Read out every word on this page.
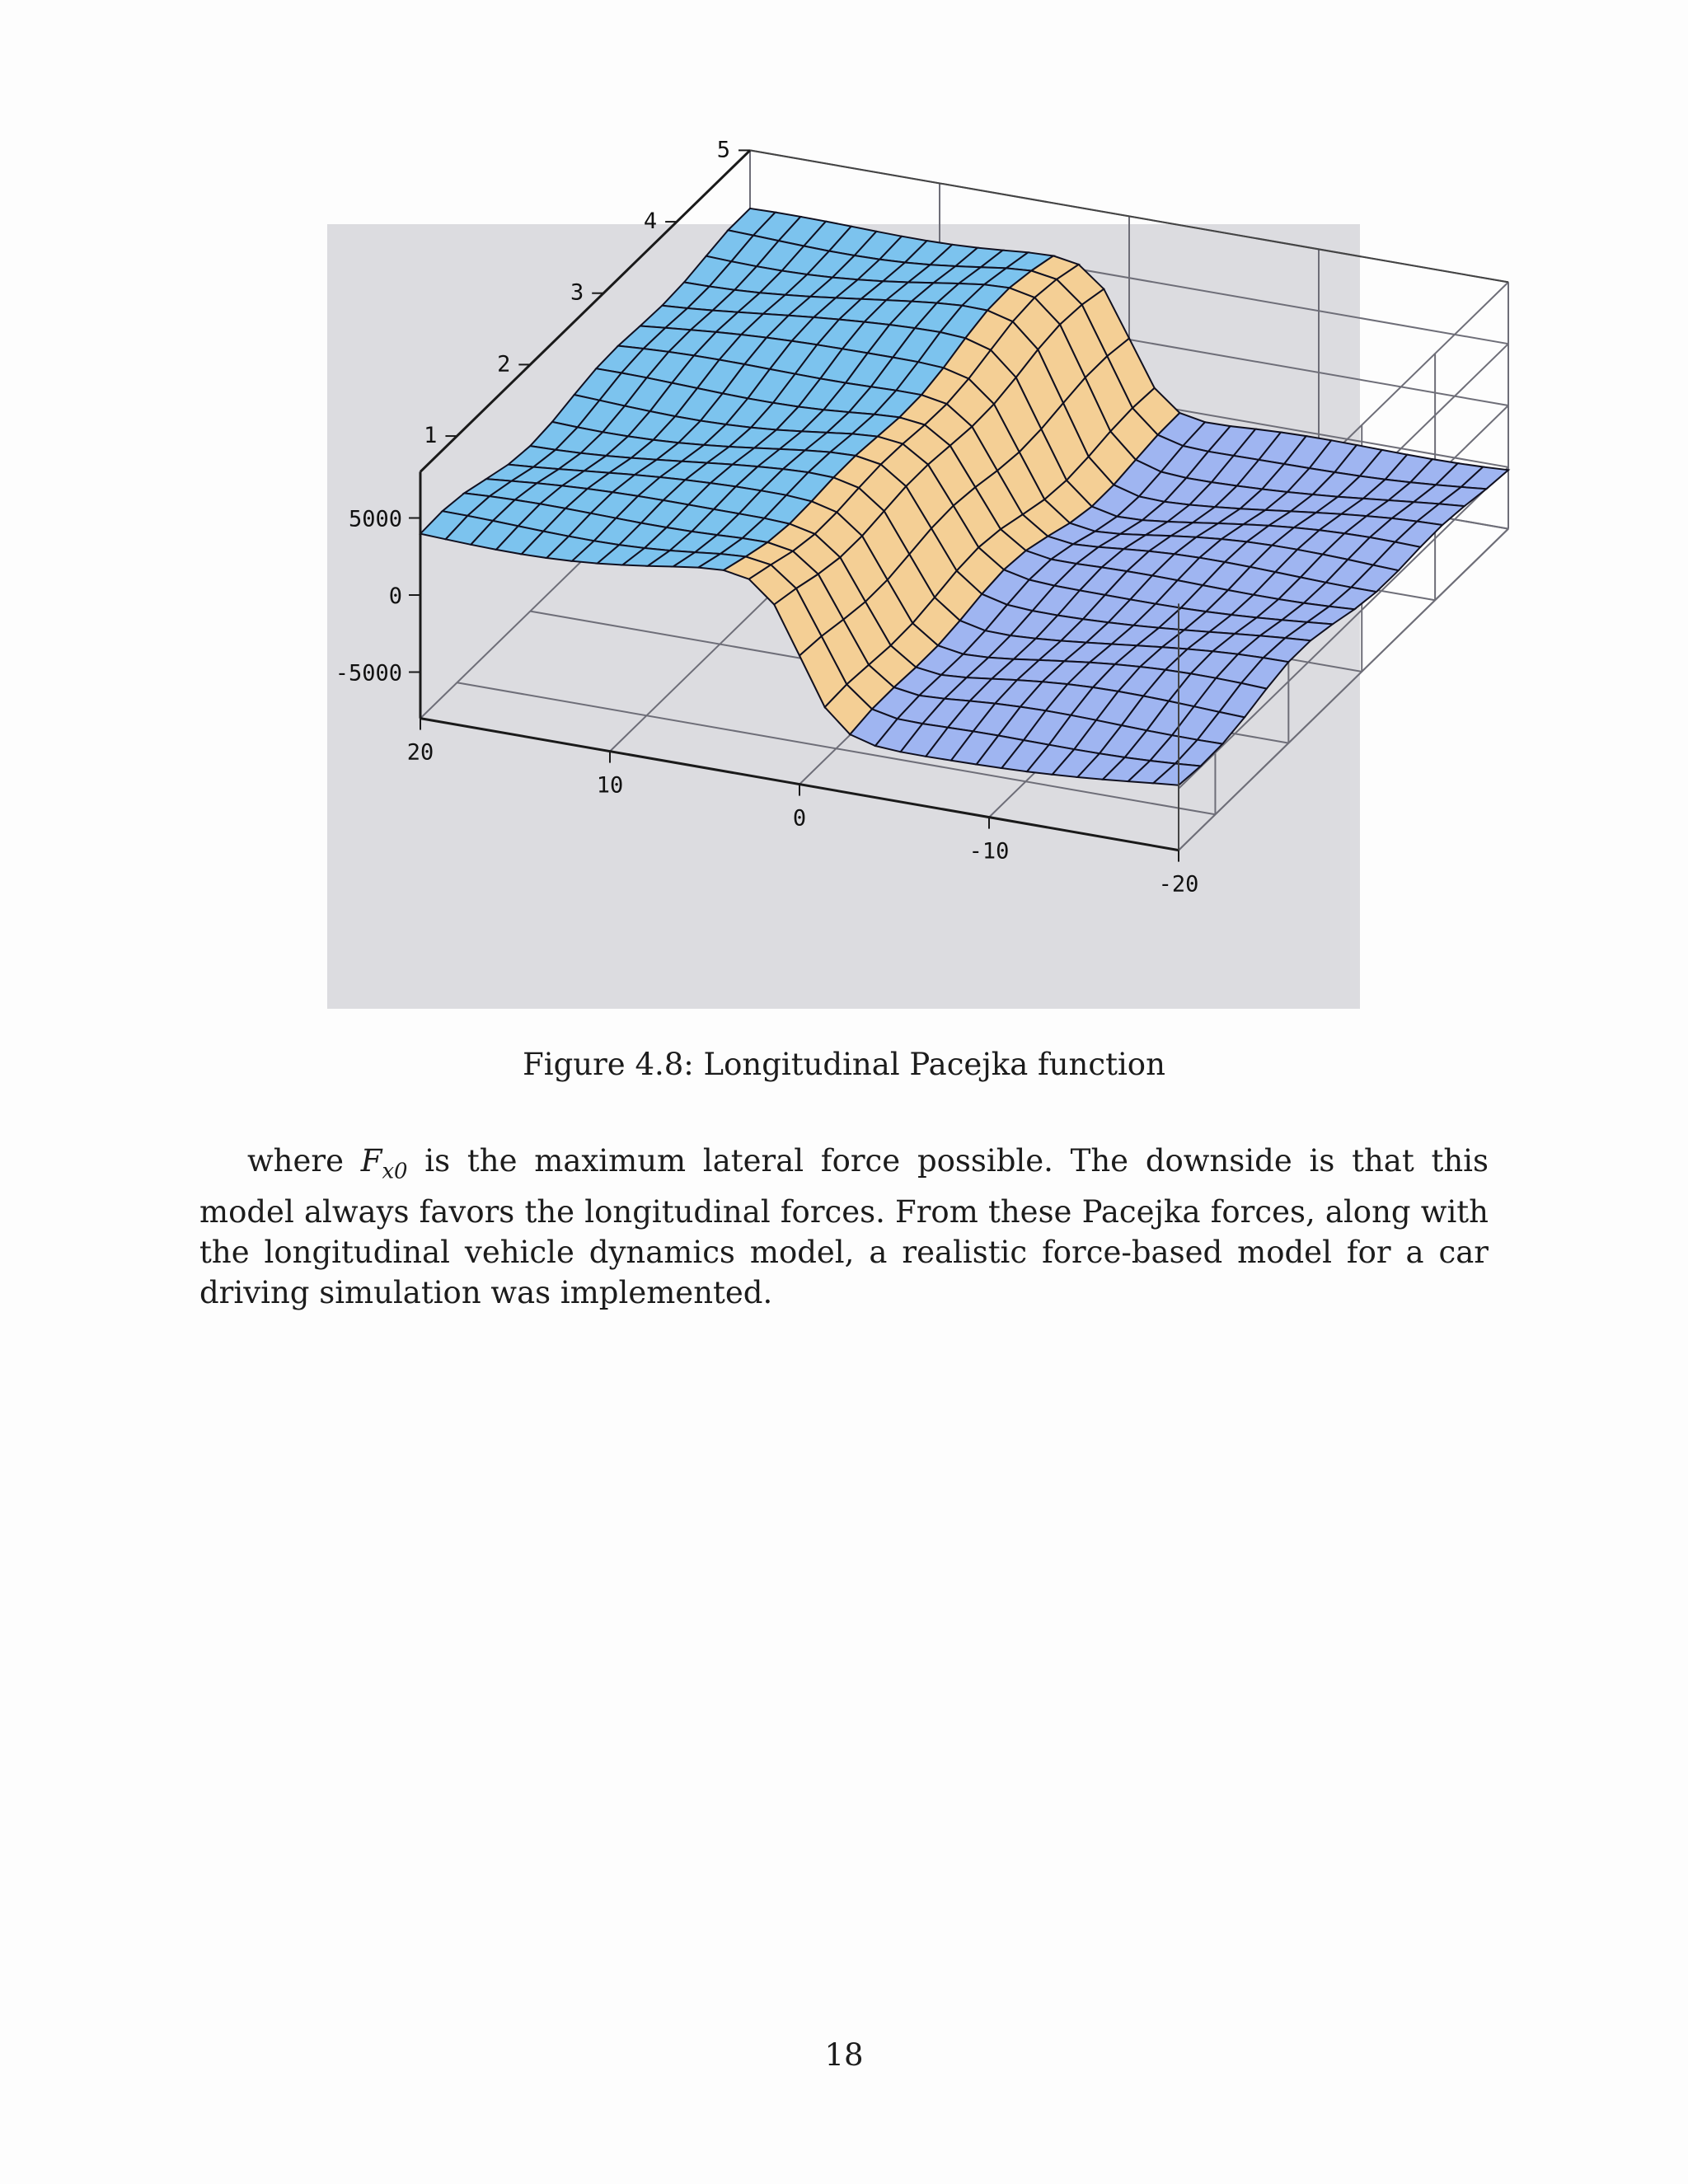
20
10
0
-10
-20
1
2
3
4
5
5000
0
-5000
Figure 4.8: Longitudinal Pacejka function

where $F_{x0}$ is the maximum lateral force possible. The downside is that this model always favors the longitudinal forces. From these Pacejka forces, along with the longitudinal vehicle dynamics model, a realistic force-based model for a car driving simulation was implemented.

18
